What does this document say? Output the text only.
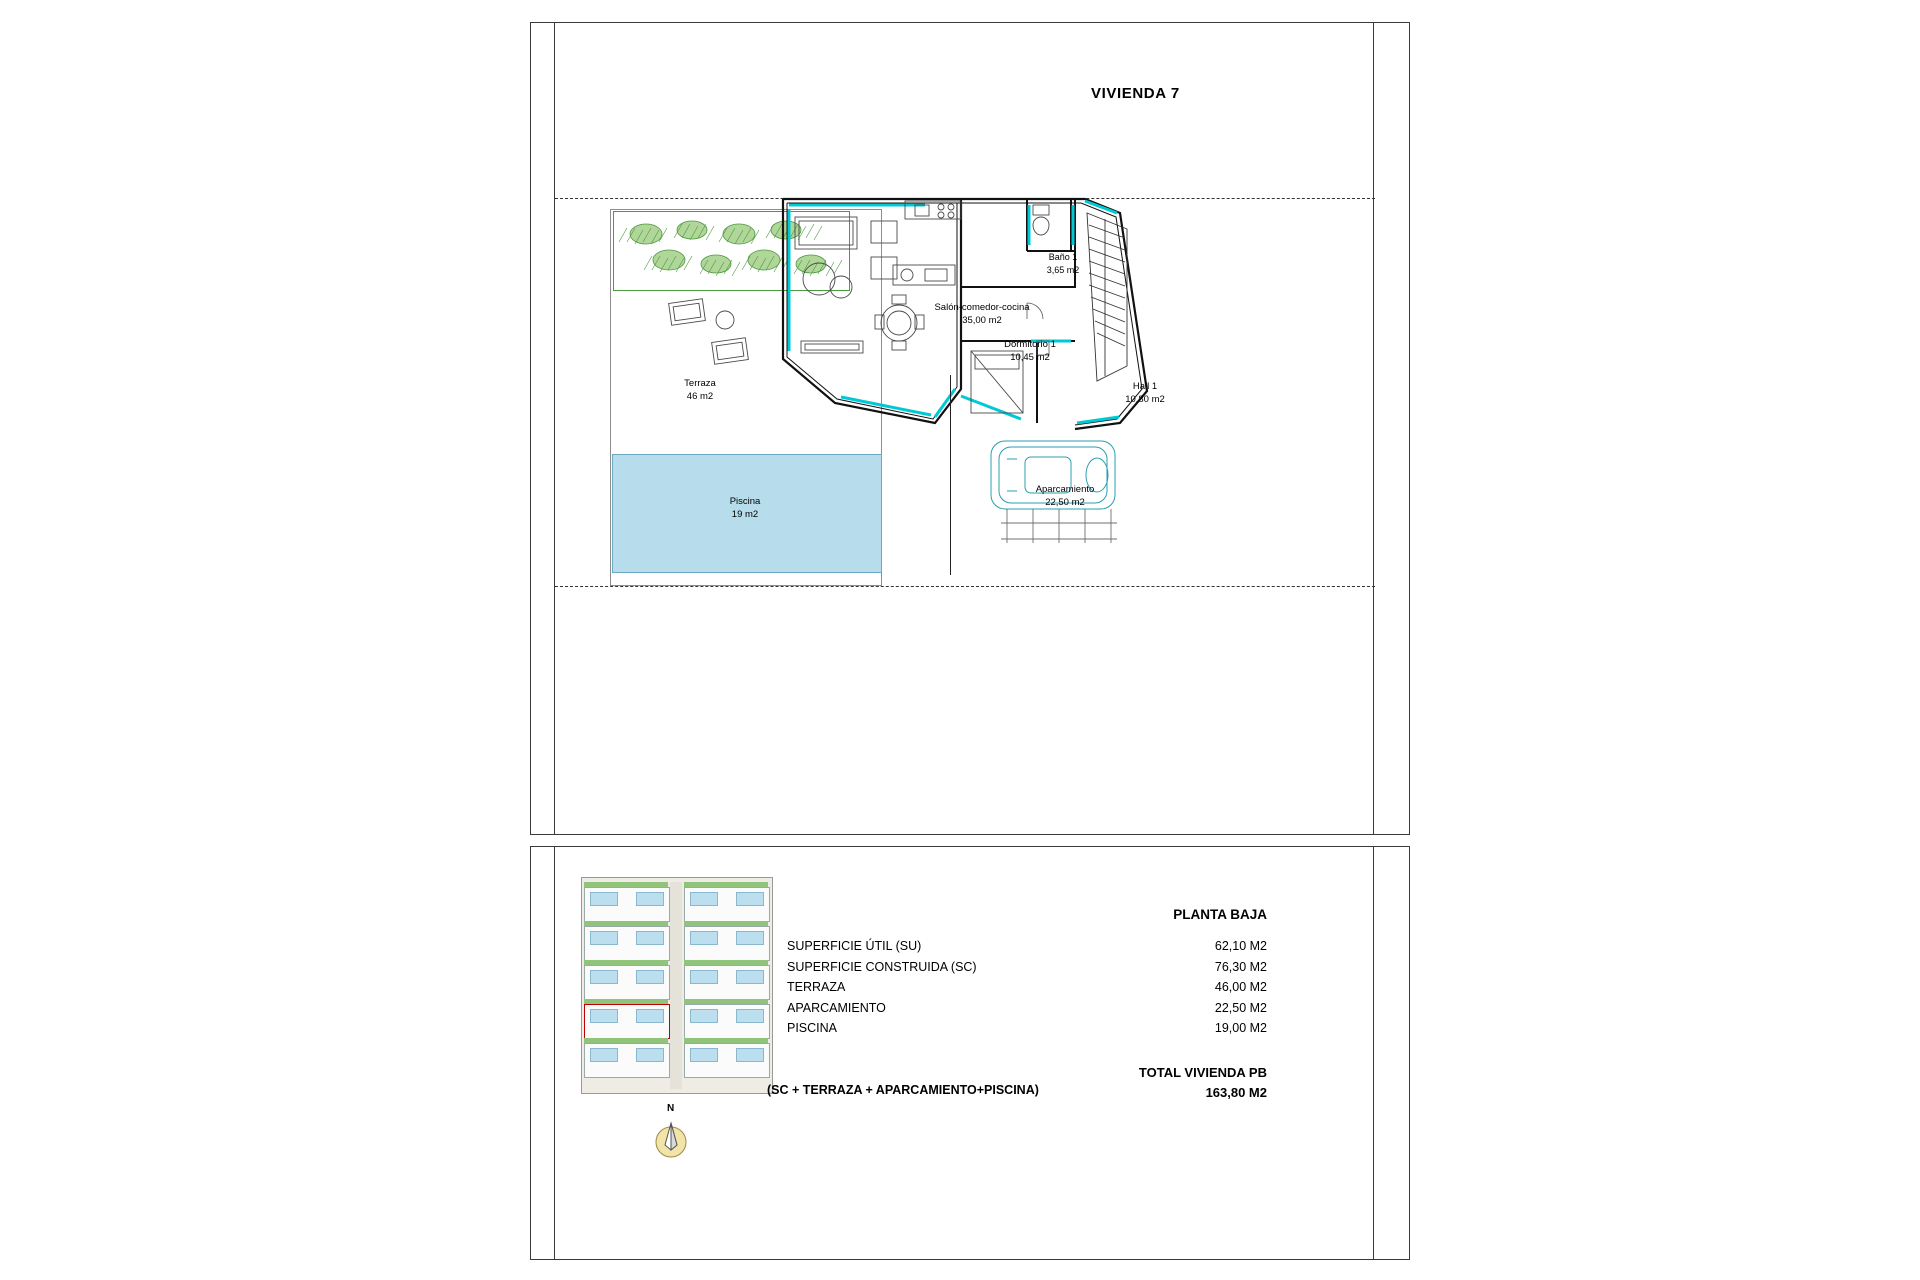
VIVIENDA 7
Terraza
46 m2
Piscina
19 m2
Salón-comedor-cocina
35,00 m2
Baño 1
3,65 m2
Dormitorio 1
10,45 m2
Hall 1
10,80 m2
Aparcamiento
22,50 m2
N
PLANTA BAJA
SUPERFICIE ÚTIL (SU)	62,10 M2
SUPERFICIE CONSTRUIDA (SC)	76,30 M2
TERRAZA	46,00 M2
APARCAMIENTO	22,50 M2
PISCINA	19,00 M2
TOTAL VIVIENDA PB
163,80 M2
(SC + TERRAZA + APARCAMIENTO+PISCINA)
